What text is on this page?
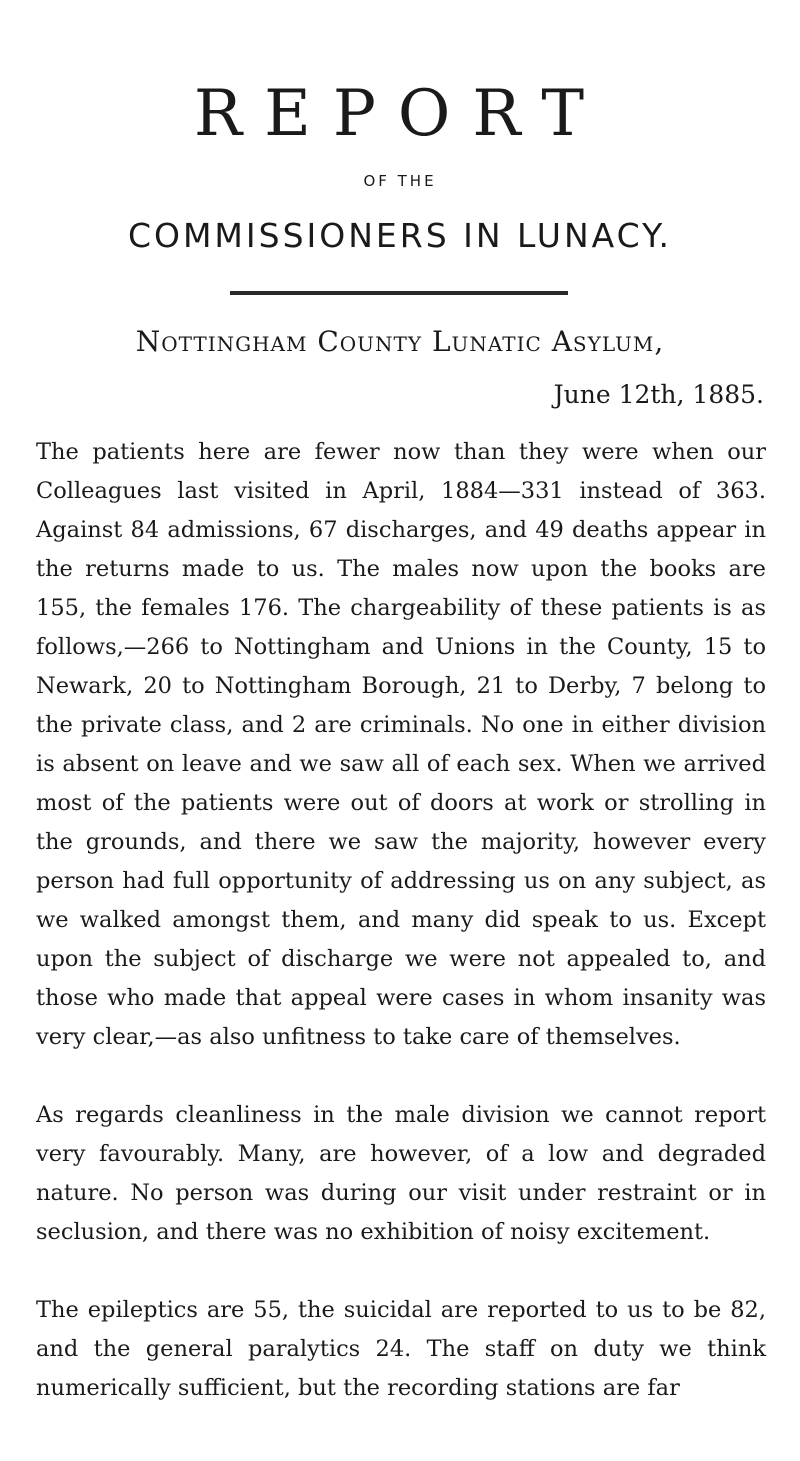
REPORT
OF THE
COMMISSIONERS IN LUNACY.
Nottingham County Lunatic Asylum,
June 12th, 1885.

The patients here are fewer now than they were when our Colleagues last visited in April, 1884—331 instead of 363. Against 84 admissions, 67 discharges, and 49 deaths appear in the returns made to us. The males now upon the books are 155, the females 176. The chargeability of these patients is as follows,—266 to Nottingham and Unions in the County, 15 to Newark, 20 to Nottingham Borough, 21 to Derby, 7 belong to the private class, and 2 are criminals. No one in either division is absent on leave and we saw all of each sex. When we arrived most of the patients were out of doors at work or strolling in the grounds, and there we saw the majority, however every person had full opportunity of addressing us on any subject, as we walked amongst them, and many did speak to us. Except upon the subject of discharge we were not appealed to, and those who made that appeal were cases in whom insanity was very clear,—as also unfitness to take care of themselves.

As regards cleanliness in the male division we cannot report very favourably. Many, are however, of a low and degraded nature. No person was during our visit under restraint or in seclusion, and there was no exhibition of noisy excitement.

The epileptics are 55, the suicidal are reported to us to be 82, and the general paralytics 24. The staff on duty we think numerically sufficient, but the recording stations are far
